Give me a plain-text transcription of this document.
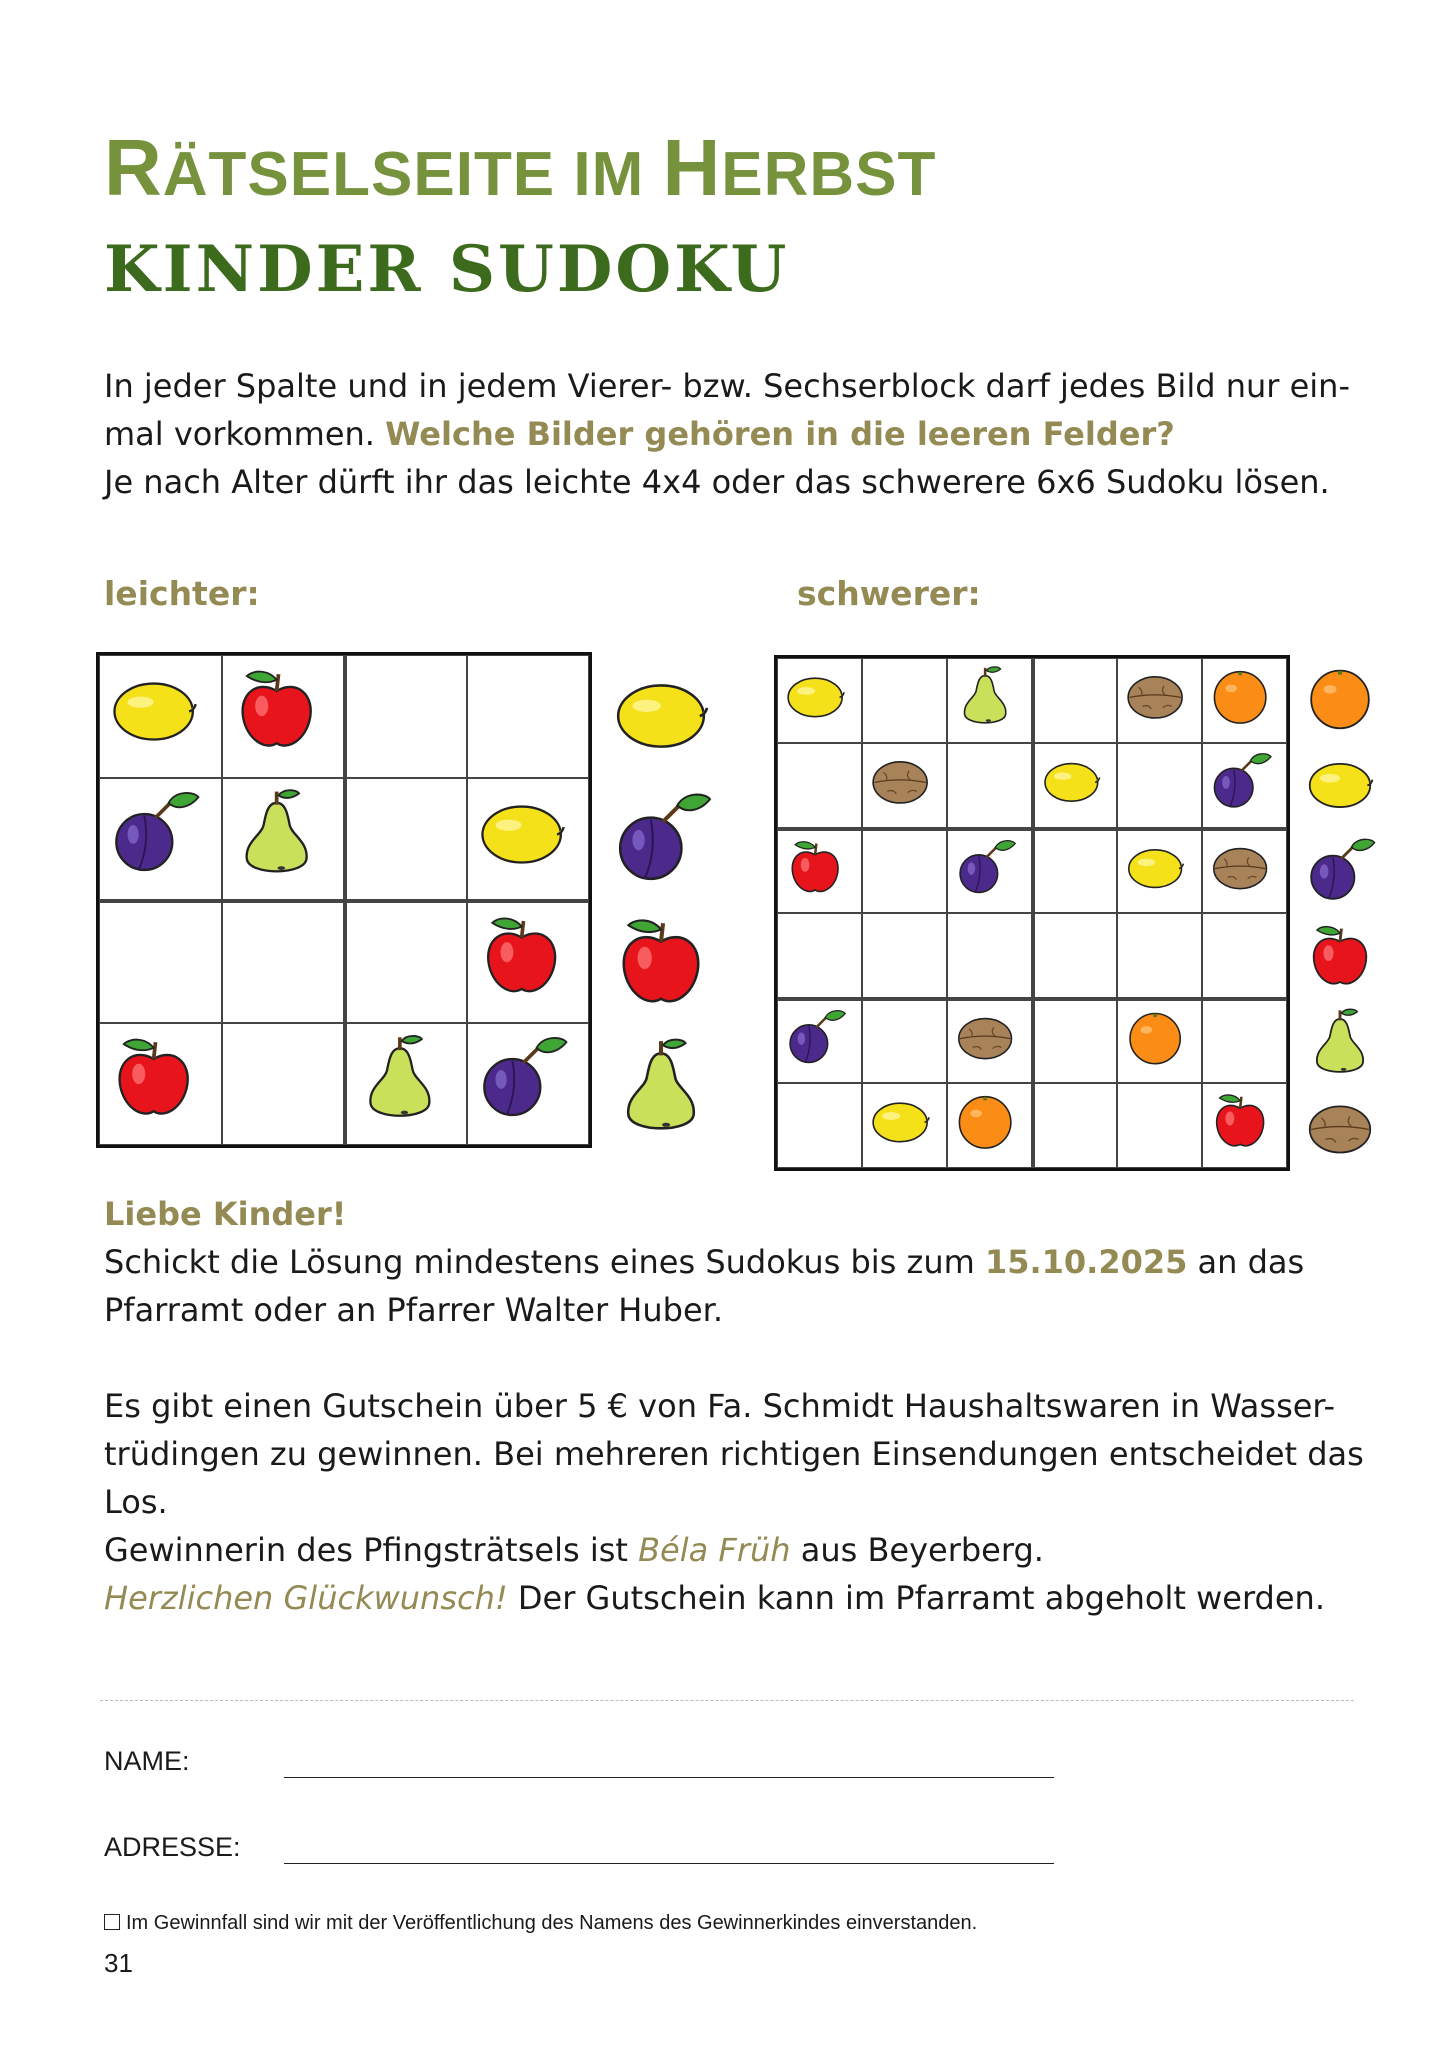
RÄTSELSEITE IM HERBST
KINDER SUDOKU
In jeder Spalte und in jedem Vierer- bzw. Sechserblock darf jedes Bild nur ein-
mal vorkommen. Welche Bilder gehören in die leeren Felder?
Je nach Alter dürft ihr das leichte 4x4 oder das schwerere 6x6 Sudoku lösen.
leichter:	schwerer:
Liebe Kinder!
Schickt die Lösung mindestens eines Sudokus bis zum 15.10.2025 an das
Pfarramt oder an Pfarrer Walter Huber.
Es gibt einen Gutschein über 5 € von Fa. Schmidt Haushaltswaren in Wasser-
trüdingen zu gewinnen. Bei mehreren richtigen Einsendungen entscheidet das
Los.
Gewinnerin des Pfingsträtsels ist Béla Früh aus Beyerberg.
Herzlichen Glückwunsch! Der Gutschein kann im Pfarramt abgeholt werden.
NAME:
ADRESSE:
Im Gewinnfall sind wir mit der Veröffentlichung des Namens des Gewinnerkindes einverstanden.
31
